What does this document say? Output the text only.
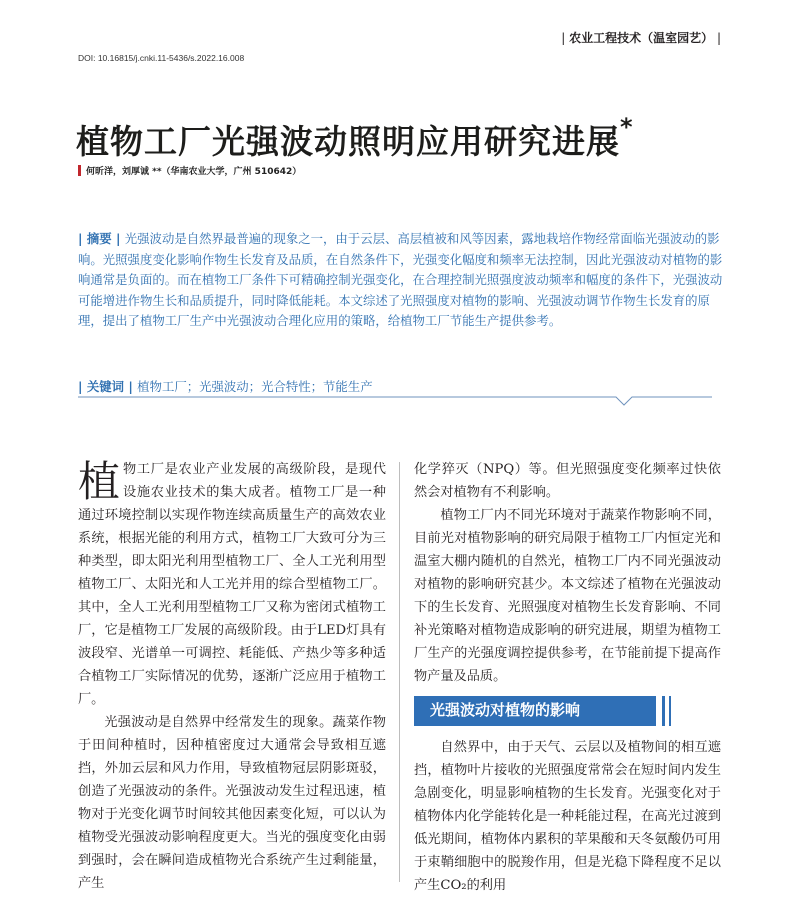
| 农业工程技术（温室园艺） |
DOI: 10.16815/j.cnki.11-5436/s.2022.16.008
植物工厂光强波动照明应用研究进展*
何昕洋，刘厚诚 **（华南农业大学，广州 510642）
| 摘要 | 光强波动是自然界最普遍的现象之一，由于云层、高层植被和风等因素，露地栽培作物经常面临光强波动的影响。光照强度变化影响作物生长发育及品质，在自然条件下，光强变化幅度和频率无法控制，因此光强波动对植物的影响通常是负面的。而在植物工厂条件下可精确控制光强变化，在合理控制光照强度波动频率和幅度的条件下，光强波动可能增进作物生长和品质提升，同时降低能耗。本文综述了光照强度对植物的影响、光强波动调节作物生长发育的原理，提出了植物工厂生产中光强波动合理化应用的策略，给植物工厂节能生产提供参考。
| 关键词 | 植物工厂；光强波动；光合特性；节能生产

植物工厂是农业产业发展的高级阶段，是现代设施农业技术的集大成者。植物工厂是一种通过环境控制以实现作物连续高质量生产的高效农业系统，根据光能的利用方式，植物工厂大致可分为三种类型，即太阳光利用型植物工厂、全人工光利用型植物工厂、太阳光和人工光并用的综合型植物工厂。其中，全人工光利用型植物工厂又称为密闭式植物工厂，它是植物工厂发展的高级阶段。由于LED灯具有波段窄、光谱单一可调控、耗能低、产热少等多种适合植物工厂实际情况的优势，逐渐广泛应用于植物工厂。

光强波动是自然界中经常发生的现象。蔬菜作物于田间种植时，因种植密度过大通常会导致相互遮挡，外加云层和风力作用，导致植物冠层阴影斑驳，创造了光强波动的条件。光强波动发生过程迅速，植物对于光变化调节时间较其他因素变化短，可以认为植物受光强波动影响程度更大。当光的强度变化由弱到强时，会在瞬间造成植物光合系统产生过剩能量，产生

化学猝灭（NPQ）等。但光照强度变化频率过快依然会对植物有不利影响。

植物工厂内不同光环境对于蔬菜作物影响不同，目前光对植物影响的研究局限于植物工厂内恒定光和温室大棚内随机的自然光，植物工厂内不同光强波动对植物的影响研究甚少。本文综述了植物在光强波动下的生长发育、光照强度对植物生长发育影响、不同补光策略对植物造成影响的研究进展，期望为植物工厂生产的光强度调控提供参考，在节能前提下提高作物产量及品质。

光强波动对植物的影响

自然界中，由于天气、云层以及植物间的相互遮挡，植物叶片接收的光照强度常常会在短时间内发生急剧变化，明显影响植物的生长发育。光强变化对于植物体内化学能转化是一种耗能过程，在高光过渡到低光期间，植物体内累积的苹果酸和天冬氨酸仍可用于束鞘细胞中的脱羧作用，但是光稳下降程度不足以产生CO₂的利用
